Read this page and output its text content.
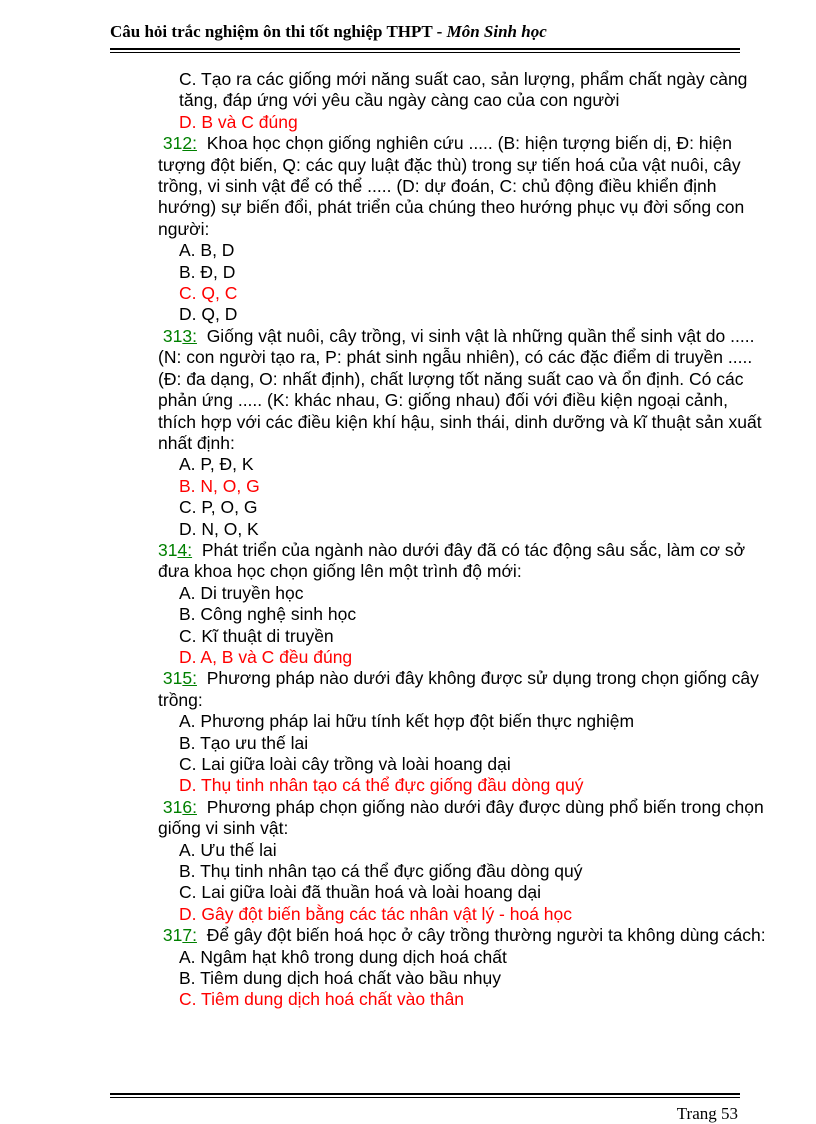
Câu hỏi trắc nghiệm ôn thi tốt nghiệp THPT - Môn Sinh học
C. Tạo ra các giống mới năng suất cao, sản lượng, phẩm chất ngày càng tăng, đáp ứng với yêu cầu ngày càng cao của con người
D. B và C đúng
312: Khoa học chọn giống nghiên cứu ..... (B: hiện tượng biến dị, Đ: hiện tượng đột biến, Q: các quy luật đặc thù) trong sự tiến hoá của vật nuôi, cây trồng, vi sinh vật để có thể ..... (D: dự đoán, C: chủ động điều khiển định hướng) sự biến đổi, phát triển của chúng theo hướng phục vụ đời sống con người:
A. B, D
B. Đ, D
C. Q, C
D. Q, D
313: Giống vật nuôi, cây trồng, vi sinh vật là những quần thể sinh vật do ..... (N: con người tạo ra, P: phát sinh ngẫu nhiên), có các đặc điểm di truyền ..... (Đ: đa dạng, O: nhất định), chất lượng tốt năng suất cao và ổn định. Có các phản ứng ..... (K: khác nhau, G: giống nhau) đối với điều kiện ngoại cảnh, thích hợp với các điều kiện khí hậu, sinh thái, dinh dưỡng và kĩ thuật sản xuất nhất định:
A. P, Đ, K
B. N, O, G
C. P, O, G
D. N, O, K
314: Phát triển của ngành nào dưới đây đã có tác động sâu sắc, làm cơ sở đưa khoa học chọn giống lên một trình độ mới:
A. Di truyền học
B. Công nghệ sinh học
C. Kĩ thuật di truyền
D. A, B và C đều đúng
315: Phương pháp nào dưới đây không được sử dụng trong chọn giống cây trồng:
A. Phương pháp lai hữu tính kết hợp đột biến thực nghiệm
B. Tạo ưu thế lai
C. Lai giữa loài cây trồng và loài hoang dại
D. Thụ tinh nhân tạo cá thể đực giống đầu dòng quý
316: Phương pháp chọn giống nào dưới đây được dùng phổ biến trong chọn giống vi sinh vật:
A. Ưu thế lai
B. Thụ tinh nhân tạo cá thể đực giống đầu dòng quý
C. Lai giữa loài đã thuần hoá và loài hoang dại
D. Gây đột biến bằng các tác nhân vật lý - hoá học
317: Để gây đột biến hoá học ở cây trồng thường người ta không dùng cách:
A. Ngâm hạt khô trong dung dịch hoá chất
B. Tiêm dung dịch hoá chất vào bầu nhụy
C. Tiêm dung dịch hoá chất vào thân
Trang 53
